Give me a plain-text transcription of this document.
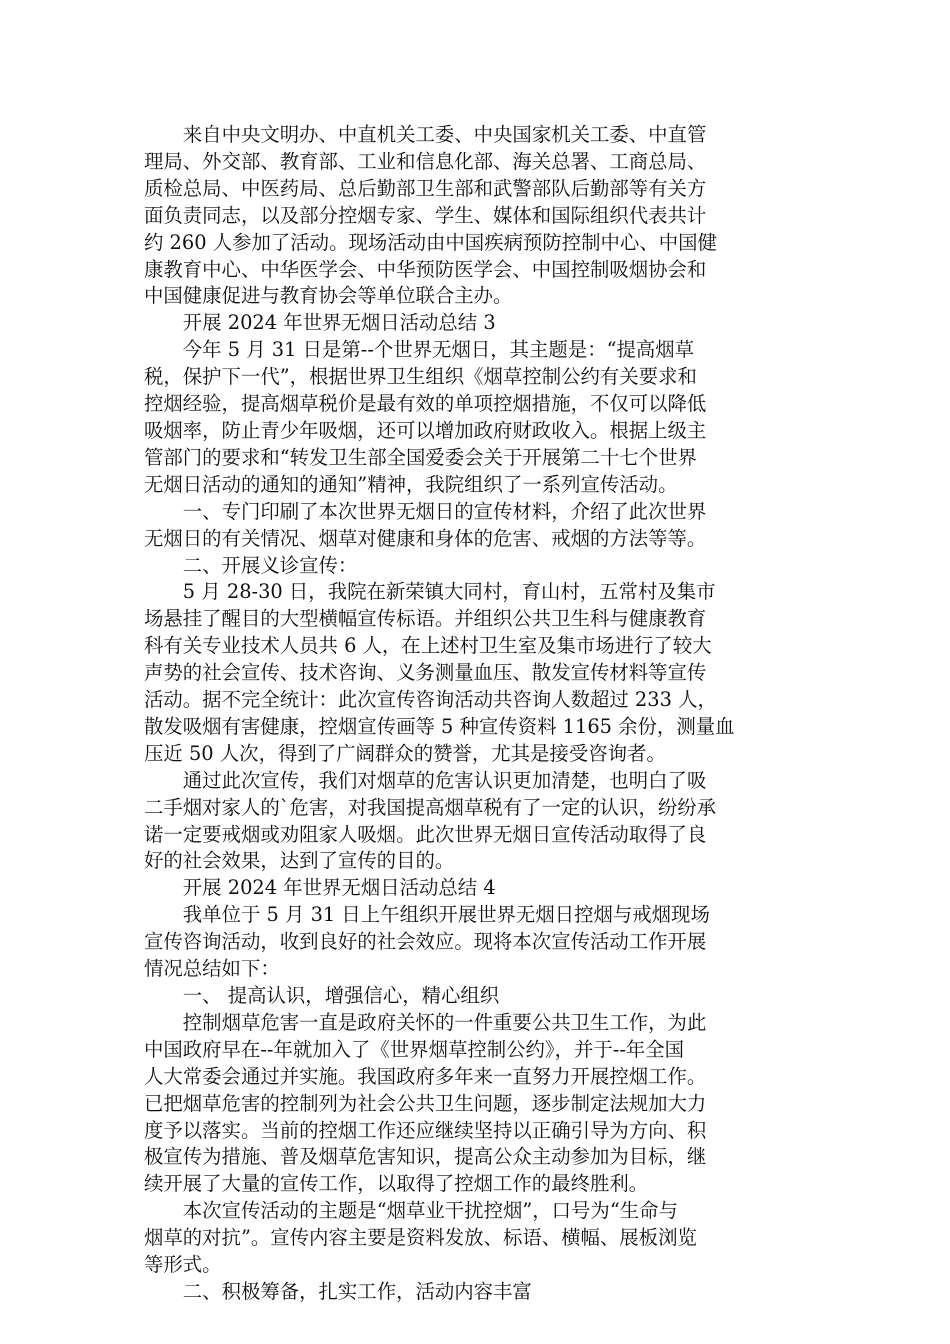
来自中央文明办、中直机关工委、中央国家机关工委、中直管
理局、外交部、教育部、工业和信息化部、海关总署、工商总局、
质检总局、中医药局、总后勤部卫生部和武警部队后勤部等有关方
面负责同志，以及部分控烟专家、学生、媒体和国际组织代表共计
约 260 人参加了活动。现场活动由中国疾病预防控制中心、中国健
康教育中心、中华医学会、中华预防医学会、中国控制吸烟协会和
中国健康促进与教育协会等单位联合主办。
开展 2024 年世界无烟日活动总结 3
今年 5 月 31 日是第--个世界无烟日，其主题是：“提高烟草
税，保护下一代”，根据世界卫生组织《烟草控制公约有关要求和
控烟经验，提高烟草税价是最有效的单项控烟措施，不仅可以降低
吸烟率，防止青少年吸烟，还可以增加政府财政收入。根据上级主
管部门的要求和“转发卫生部全国爱委会关于开展第二十七个世界
无烟日活动的通知的通知”精神，我院组织了一系列宣传活动。
一、专门印刷了本次世界无烟日的宣传材料，介绍了此次世界
无烟日的有关情况、烟草对健康和身体的危害、戒烟的方法等等。
二、开展义诊宣传：
5 月 28-30 日，我院在新荣镇大同村，育山村，五常村及集市
场悬挂了醒目的大型横幅宣传标语。并组织公共卫生科与健康教育
科有关专业技术人员共 6 人，在上述村卫生室及集市场进行了较大
声势的社会宣传、技术咨询、义务测量血压、散发宣传材料等宣传
活动。据不完全统计：此次宣传咨询活动共咨询人数超过 233 人，
散发吸烟有害健康，控烟宣传画等 5 种宣传资料 1165 余份，测量血
压近 50 人次，得到了广阔群众的赞誉，尤其是接受咨询者。
通过此次宣传，我们对烟草的危害认识更加清楚，也明白了吸
二手烟对家人的`危害，对我国提高烟草税有了一定的认识，纷纷承
诺一定要戒烟或劝阻家人吸烟。此次世界无烟日宣传活动取得了良
好的社会效果，达到了宣传的目的。
开展 2024 年世界无烟日活动总结 4
我单位于 5 月 31 日上午组织开展世界无烟日控烟与戒烟现场
宣传咨询活动，收到良好的社会效应。现将本次宣传活动工作开展
情况总结如下：
一、 提高认识，增强信心，精心组织
控制烟草危害一直是政府关怀的一件重要公共卫生工作，为此
中国政府早在--年就加入了《世界烟草控制公约》，并于--年全国
人大常委会通过并实施。我国政府多年来一直努力开展控烟工作。
已把烟草危害的控制列为社会公共卫生问题，逐步制定法规加大力
度予以落实。当前的控烟工作还应继续坚持以正确引导为方向、积
极宣传为措施、普及烟草危害知识，提高公众主动参加为目标，继
续开展了大量的宣传工作，以取得了控烟工作的最终胜利。
本次宣传活动的主题是“烟草业干扰控烟”，口号为“生命与
烟草的对抗”。宣传内容主要是资料发放、标语、横幅、展板浏览
等形式。
二、积极筹备，扎实工作，活动内容丰富
